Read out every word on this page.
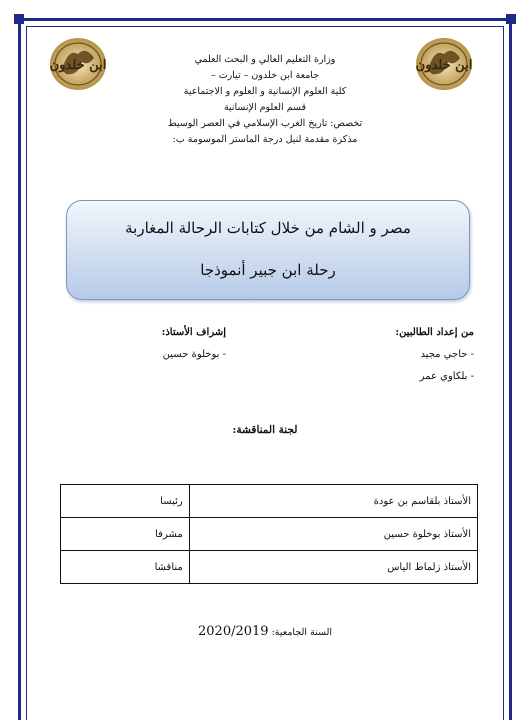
ابن خلدون	ابن خلدون
وزارة التعليم العالي و البحث العلمي
جامعة ابن خلدون – تيارت –
كلية العلوم الإنسانية و العلوم و الاجتماعية
قسم العلوم الإنسانية
تخصص: تاريخ الغرب الإسلامي في العصر الوسيط
مذكرة مقدمة لنيل درجة الماستر الموسومة ب:
مصر و الشام من خلال كتابات الرحالة المغاربة
رحلة ابن جبير أنموذجا
من إعداد الطالبين:
- حاجي مجيد
- بلكاوي عمر
إشراف الأستاذ:
- بوخلوة حسين
لجنة المناقشة:
الأستاذ بلقاسم بن عودة	رئيسا
الأستاذ بوخلوة حسين	مشرفا
الأستاذ زلماط الياس	مناقشا
السنة الجامعية: 2020/2019
